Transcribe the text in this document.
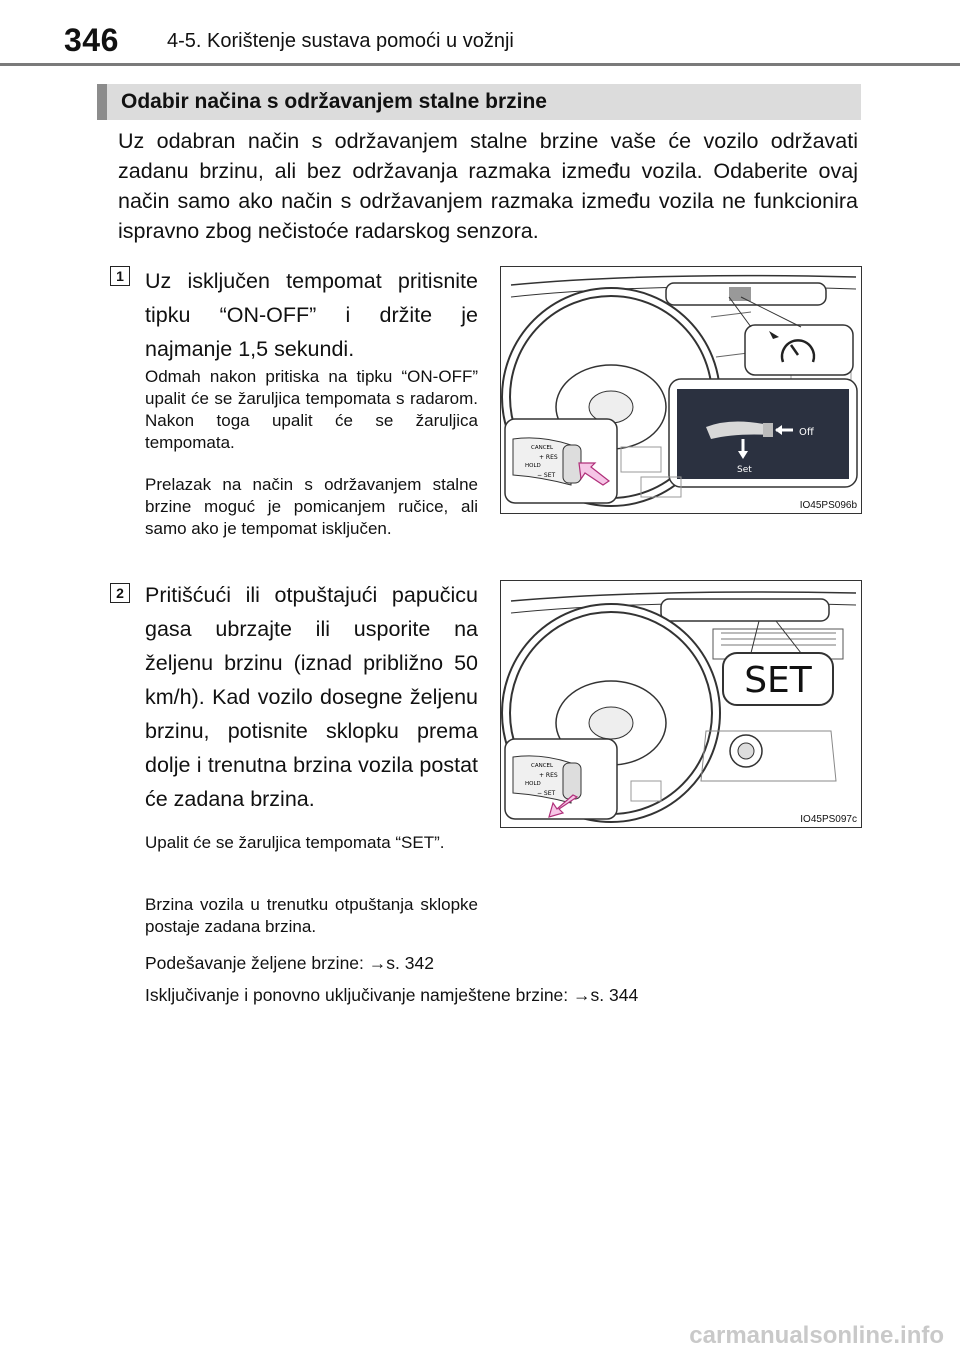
346 4-5. Korištenje sustava pomoći u vožnji
Odabir načina s održavanjem stalne brzine
Uz odabran način s održavanjem stalne brzine vaše će vozilo održavati zadanu brzinu, ali bez održavanja razmaka između vozila. Odaberite ovaj način samo ako način s održavanjem razmaka između vozila ne funkcionira ispravno zbog nečistoće radarskog senzora.
1 Uz isključen tempomat pritisnite tipku “ON-OFF” i držite je najmanje 1,5 sekundi.
Odmah nakon pritiska na tipku “ON-OFF” upalit će se žaruljica tempomata s radarom. Nakon toga upalit će se žaruljica tempomata.
Prelazak na način s održavanjem stalne brzine moguć je pomicanjem ručice, ali samo ako je tempomat isključen.
Off
Set
CANCEL
+ RES
HOLD
− SET
IO45PS096b
2 Pritišćući ili otpuštajući papučicu gasa ubrzajte ili usporite na željenu brzinu (iznad približno 50 km/h). Kad vozilo dosegne željenu brzinu, potisnite sklopku prema dolje i trenutna brzina vozila postat će zadana brzina.
Upalit će se žaruljica tempomata “SET”.
Brzina vozila u trenutku otpuštanja sklopke postaje zadana brzina.
SET
CANCEL
+ RES
HOLD
− SET
IO45PS097c
Podešavanje željene brzine: →s. 342
Isključivanje i ponovno uključivanje namještene brzine: →s. 344
carmanualsonline.info
